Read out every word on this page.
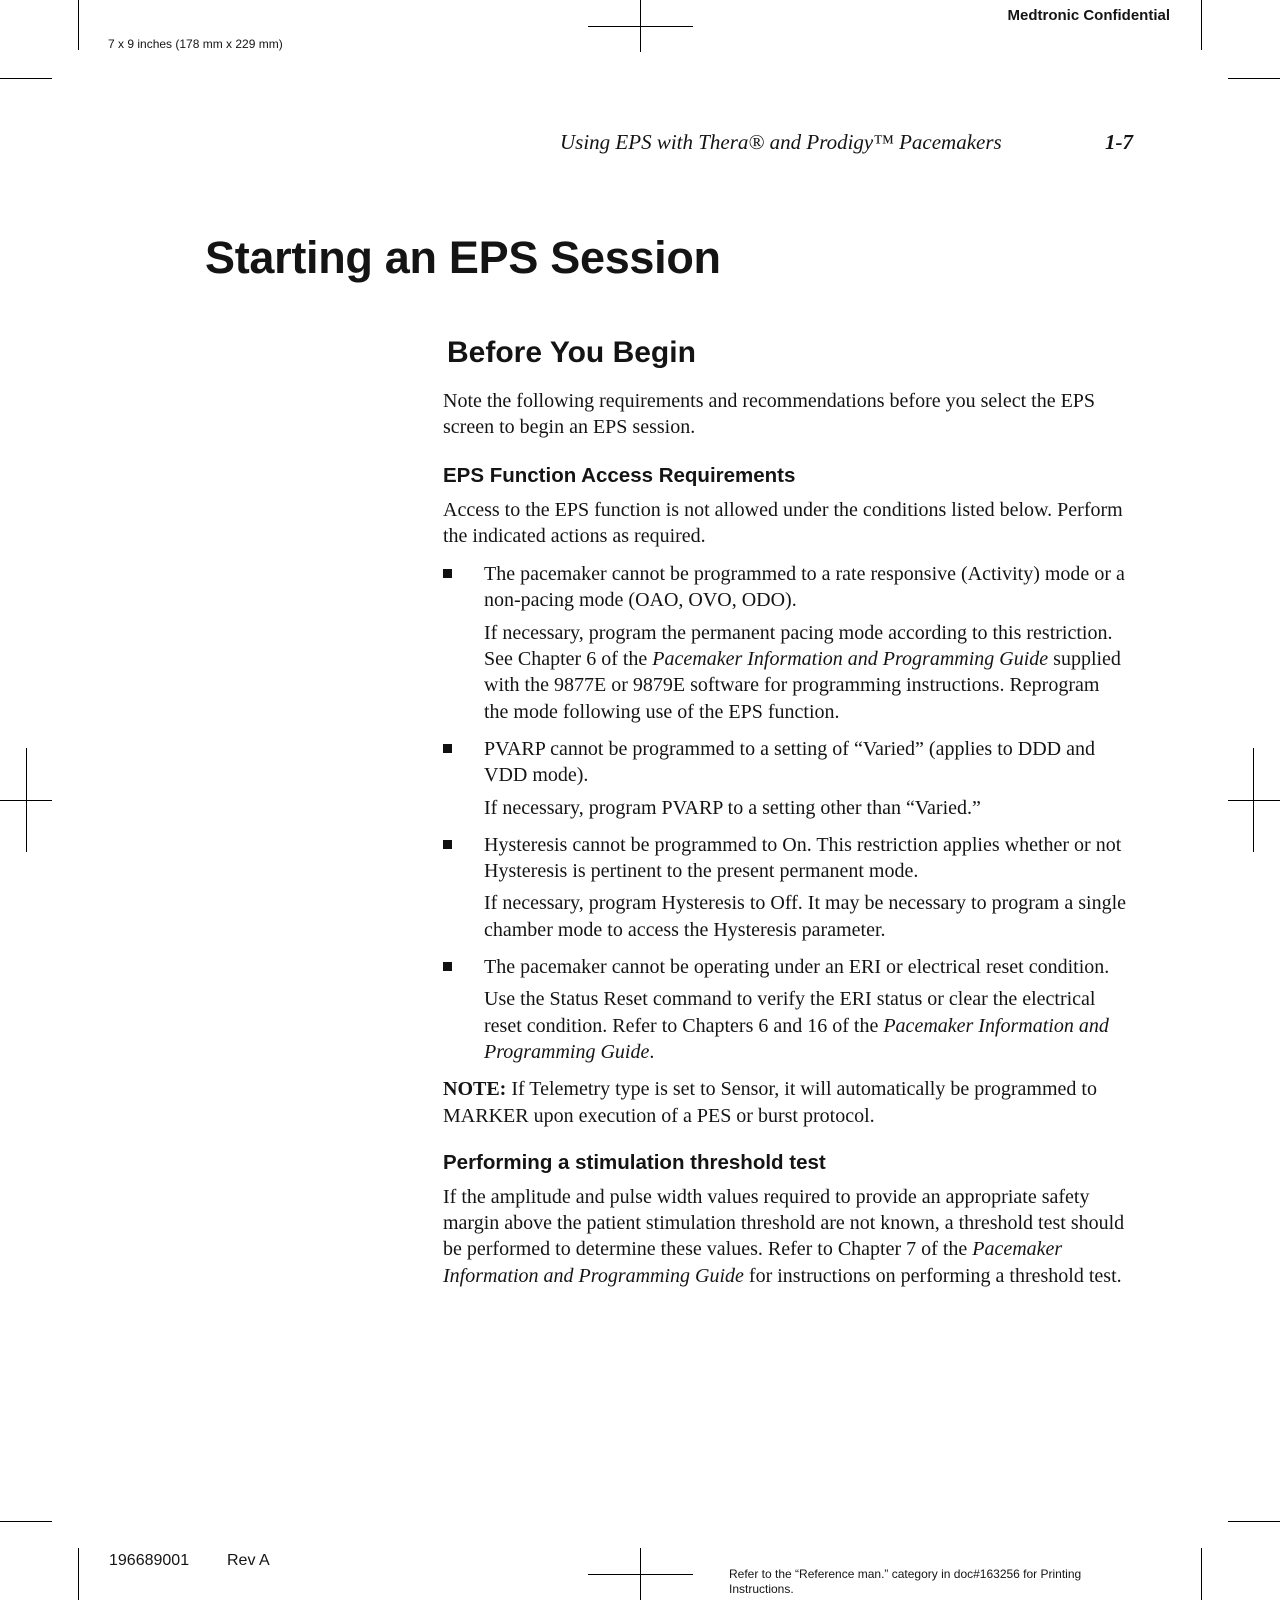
7 x 9 inches (178 mm x 229 mm)
Medtronic Confidential
Using EPS with Thera® and Prodigy™ Pacemakers	1-7
Starting an EPS Session
Before You Begin

Note the following requirements and recommendations before you select the EPS screen to begin an EPS session.

EPS Function Access Requirements

Access to the EPS function is not allowed under the conditions listed below. Perform the indicated actions as required.

The pacemaker cannot be programmed to a rate responsive (Activity) mode or a non-pacing mode (OAO, OVO, ODO).

If necessary, program the permanent pacing mode according to this restriction. See Chapter 6 of the Pacemaker Information and Programming Guide supplied with the 9877E or 9879E software for programming instructions. Reprogram the mode following use of the EPS function.

PVARP cannot be programmed to a setting of “Varied” (applies to DDD and VDD mode).

If necessary, program PVARP to a setting other than “Varied.”

Hysteresis cannot be programmed to On. This restriction applies whether or not Hysteresis is pertinent to the present permanent mode.

If necessary, program Hysteresis to Off. It may be necessary to program a single chamber mode to access the Hysteresis parameter.

The pacemaker cannot be operating under an ERI or electrical reset condition.

Use the Status Reset command to verify the ERI status or clear the electrical reset condition. Refer to Chapters 6 and 16 of the Pacemaker Information and Programming Guide.

NOTE: If Telemetry type is set to Sensor, it will automatically be programmed to MARKER upon execution of a PES or burst protocol.

Performing a stimulation threshold test

If the amplitude and pulse width values required to provide an appropriate safety margin above the patient stimulation threshold are not known, a threshold test should be performed to determine these values. Refer to Chapter 7 of the Pacemaker Information and Programming Guide for instructions on performing a threshold test.

196689001 Rev A
Refer to the “Reference man.” category in doc#163256 for Printing Instructions.
